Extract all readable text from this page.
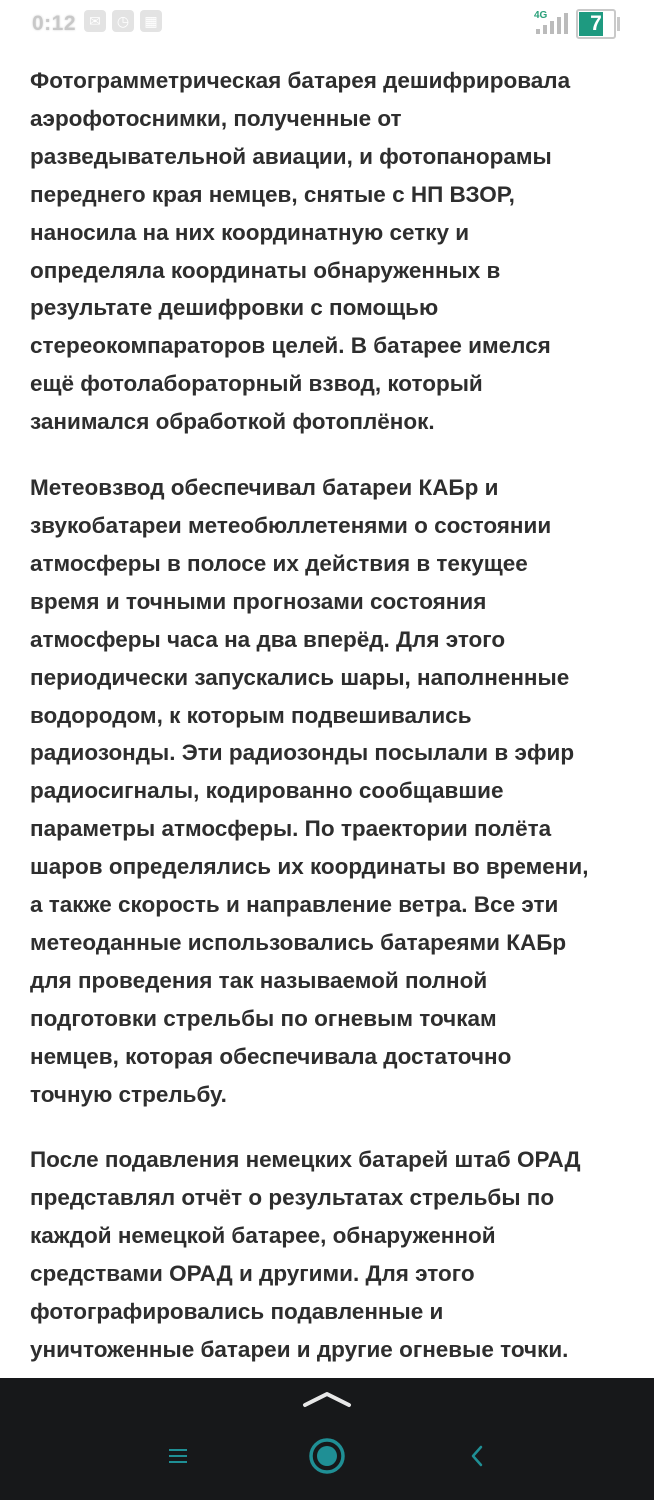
0:12 ✉	◷	▦	4G	7

Фотограмметрическая батарея дешифрировала
аэрофотоснимки, полученные от
разведывательной авиации, и фотопанорамы
переднего края немцев, снятые с НП ВЗОР,
наносила на них координатную сетку и
определяла координаты обнаруженных в
результате дешифровки с помощью
стереокомпараторов целей. В батарее имелся
ещё фотолабораторный взвод, который
занимался обработкой фотоплёнок.

Метеовзвод обеспечивал батареи КАБр и
звукобатареи метеобюллетенями о состоянии
атмосферы в полосе их действия в текущее
время и точными прогнозами состояния
атмосферы часа на два вперёд. Для этого
периодически запускались шары, наполненные
водородом, к которым подвешивались
радиозонды. Эти радиозонды посылали в эфир
радиосигналы, кодированно сообщавшие
параметры атмосферы. По траектории полёта
шаров определялись их координаты во времени,
а также скорость и направление ветра. Все эти
метеоданные использовались батареями КАБр
для проведения так называемой полной
подготовки стрельбы по огневым точкам
немцев, которая обеспечивала достаточно
точную стрельбу.

После подавления немецких батарей штаб ОРАД
представлял отчёт о результатах стрельбы по
каждой немецкой батарее, обнаруженной
средствами ОРАД и другими. Для этого
фотографировались подавленные и
уничтоженные батареи и другие огневые точки.
